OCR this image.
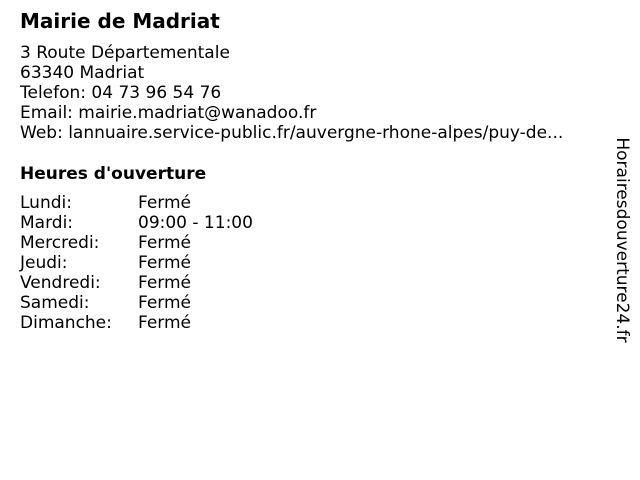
Mairie de Madriat
3 Route Départementale
63340 Madriat
Telefon: 04 73 96 54 76
Email: mairie.madriat@wanadoo.fr
Web: lannuaire.service-public.fr/auvergne-rhone-alpes/puy-de...
Heures d'ouverture
Lundi:	Fermé
Mardi:	09:00 - 11:00
Mercredi: Fermé
Jeudi:	Fermé
Vendredi: Fermé
Samedi:	Fermé
Dimanche: Fermé	Horairesdouverture24.fr
